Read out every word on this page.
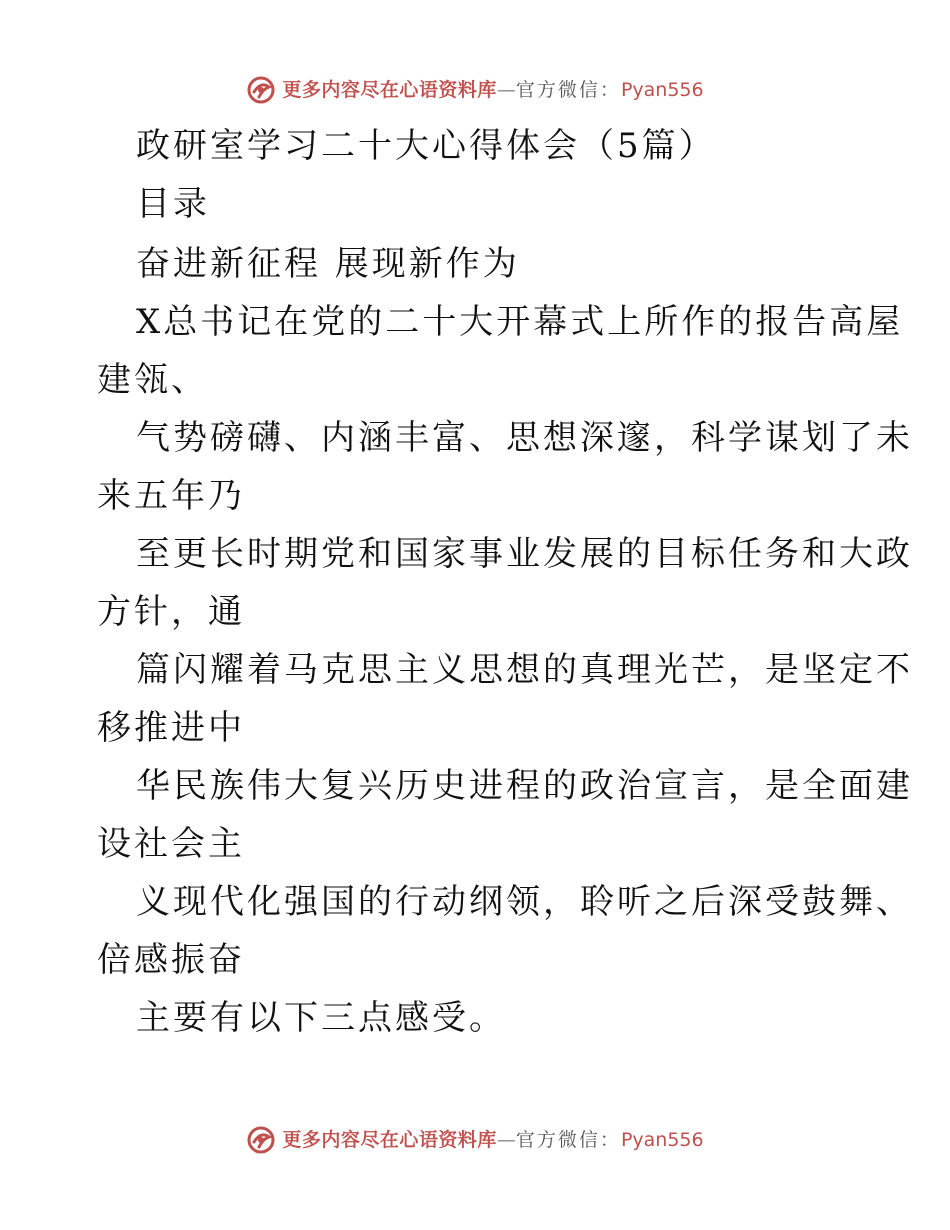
更多内容尽在心语资料库 — 官方微信： Pyan556
政研室学习二十大心得体会（5篇）
目录
奋进新征程 展现新作为
X总书记在党的二十大开幕式上所作的报告高屋
建瓴、
气势磅礴、内涵丰富、思想深邃，科学谋划了未
来五年乃
至更长时期党和国家事业发展的目标任务和大政
方针，通
篇闪耀着马克思主义思想的真理光芒，是坚定不
移推进中
华民族伟大复兴历史进程的政治宣言，是全面建
设社会主
义现代化强国的行动纲领，聆听之后深受鼓舞、
倍感振奋
主要有以下三点感受。
更多内容尽在心语资料库 — 官方微信： Pyan556
